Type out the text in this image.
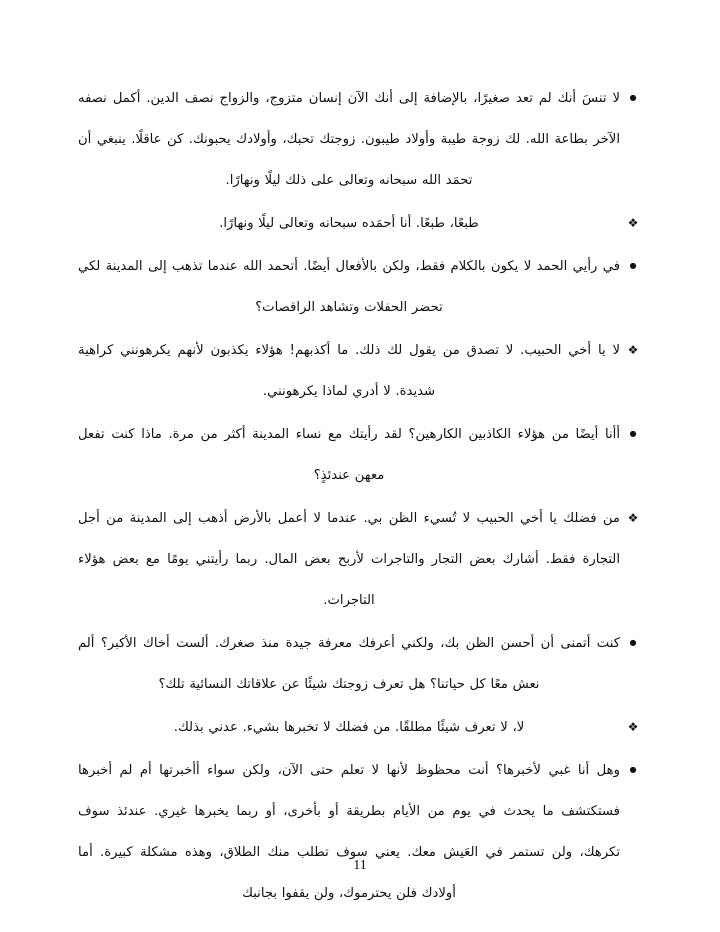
●
لا تنسَ أنك لم تعد صغيرًا، بالإضافة إلى أنك الآن إنسان متزوج، والزواج نصف الدين. أكمل نصفه الآخر بطاعة الله. لك زوجة طيبة وأولاد طيبون. زوجتك تحبك، وأولادك يحبونك. كن عاقلًا. ينبغي أن تحمَد الله سبحانه وتعالى على ذلك ليلًا ونهارًا.

❖
طبعًا، طبعًا. أنا أحمَده سبحانه وتعالى ليلًا ونهارًا.

●
في رأيي الحمد لا يكون بالكلام فقط، ولكن بالأفعال أيضًا. أتحمد الله عندما تذهب إلى المدينة لكي تحضر الحفلات وتشاهد الراقصات؟

❖
لا يا أخي الحبيب. لا تصدق من يقول لك ذلك. ما أكذبهم! هؤلاء يكذبون لأنهم يكرهونني كراهية شديدة. لا أدري لماذا يكرهونني.

●
أأنا أيضًا من هؤلاء الكاذبين الكارهين؟ لقد رأيتك مع نساء المدينة أكثر من مرة. ماذا كنت تفعل معهن عندئذٍ؟

❖
من فضلك يا أخي الحبيب لا تُسيء الظن بي. عندما لا أعمل بالأرض أذهب إلى المدينة من أجل التجارة فقط. أشارك بعض التجار والتاجرات لأربح بعض المال. ربما رأيتني يومًا مع بعض هؤلاء التاجرات.

●
كنت أتمنى أن أحسن الظن بك، ولكني أعرفك معرفة جيدة منذ صغرك. ألست أخاك الأكبر؟ ألم نعش معًا كل حياتنا؟ هل تعرف زوجتك شيئًا عن علاقاتك النسائية تلك؟

❖
لا، لا تعرف شيئًا مطلقًا. من فضلك لا تخبرها بشيء. عدني بذلك.

●
وهل أنا غبي لأخبرها؟ أنت محظوظ لأنها لا تعلم حتى الآن، ولكن سواء أأخبرتها أم لم أخبرها فستكتشف ما يحدث في يوم من الأيام بطريقة أو بأخرى، أو ربما يخبرها غيري. عندئذ سوف تكرهك، ولن تستمر في العَيش معك. يعني سوف تطلب منك الطلاق، وهذه مشكلة كبيرة. أما أولادك فلن يحترموك، ولن يقفوا بجانبك

11
